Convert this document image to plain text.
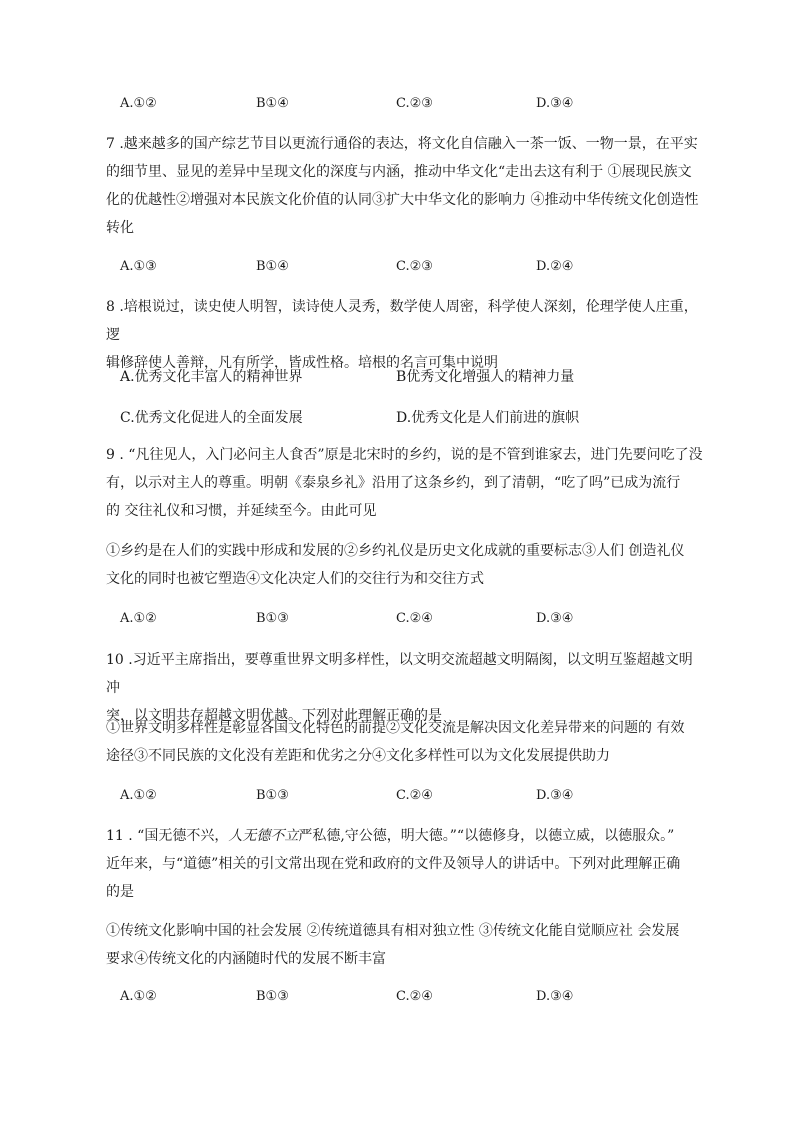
A.①②	B①④	C.②③	D.③④
7 .越来越多的国产综艺节目以更流行通俗的表达，将文化自信融入一茶一饭、一物一景，在平实
的细节里、显见的差异中呈现文化的深度与内涵，推动中华文化“走出去这有利于 ①展现民族文
化的优越性②增强对本民族文化价值的认同③扩大中华文化的影响力 ④推动中华传统文化创造性
转化
A.①③	B①④	C.②③	D.②④
8 .培根说过，读史使人明智，读诗使人灵秀，数学使人周密，科学使人深刻，伦理学使人庄重，逻
辑修辞使人善辩，凡有所学，皆成性格。培根的名言可集中说明
A.优秀文化丰富人的精神世界	B优秀文化增强人的精神力量
C.优秀文化促进人的全面发展	D.优秀文化是人们前进的旗帜
9 . “凡往见人，入门必问主人食否”原是北宋时的乡约，说的是不管到谁家去，进门先要问吃了没
有，以示对主人的尊重。明朝《泰泉乡礼》沿用了这条乡约，到了清朝，“吃了吗”已成为流行
的 交往礼仪和习惯，并延续至今。由此可见
①乡约是在人们的实践中形成和发展的②乡约礼仪是历史文化成就的重要标志③人们 创造礼仪
文化的同时也被它塑造④文化决定人们的交往行为和交往方式
A.①②	B①③	C.②④	D.③④
10 .习近平主席指出，要尊重世界文明多样性，以文明交流超越文明隔阂，以文明互鉴超越文明冲
突，以文明共存超越文明优越。下列对此理解正确的是
①世界文明多样性是彰显各国文化特色的前提②文化交流是解决因文化差异带来的问题的 有效
途径③不同民族的文化没有差距和优劣之分④文化多样性可以为文化发展提供助力
A.①②	B①③	C.②④	D.③④
11 . “国无德不兴，人无德不立严私德,守公德，明大德。”“以德修身，以德立威，以德服众。”
近年来，与“道德”相关的引文常出现在党和政府的文件及领导人的讲话中。下列对此理解正确
的是
①传统文化影响中国的社会发展 ②传统道德具有相对独立性 ③传统文化能自觉顺应社 会发展
要求④传统文化的内涵随时代的发展不断丰富
A.①②	B①③	C.②④	D.③④
